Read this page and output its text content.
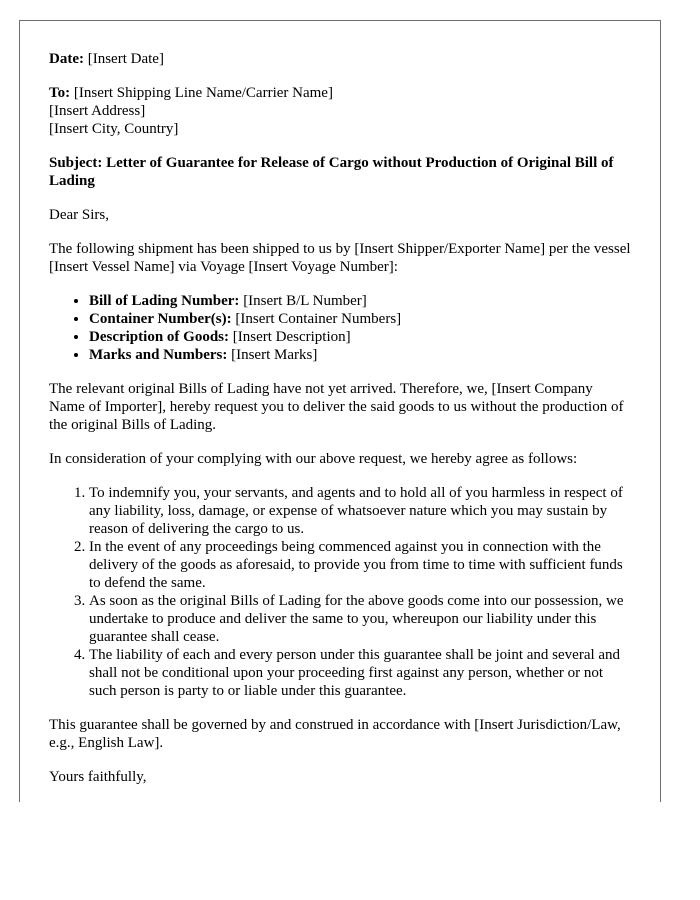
Date: [Insert Date]

To: [Insert Shipping Line Name/Carrier Name]
[Insert Address]
[Insert City, Country]

Subject: Letter of Guarantee for Release of Cargo without Production of Original Bill of Lading

Dear Sirs,

The following shipment has been shipped to us by [Insert Shipper/Exporter Name] per the vessel [Insert Vessel Name] via Voyage [Insert Voyage Number]:

• Bill of Lading Number: [Insert B/L Number]
• Container Number(s): [Insert Container Numbers]
• Description of Goods: [Insert Description]
• Marks and Numbers: [Insert Marks]

The relevant original Bills of Lading have not yet arrived. Therefore, we, [Insert Company Name of Importer], hereby request you to deliver the said goods to us without the production of the original Bills of Lading.

In consideration of your complying with our above request, we hereby agree as follows:

1. To indemnify you, your servants, and agents and to hold all of you harmless in respect of any liability, loss, damage, or expense of whatsoever nature which you may sustain by reason of delivering the cargo to us.
2. In the event of any proceedings being commenced against you in connection with the delivery of the goods as aforesaid, to provide you from time to time with sufficient funds to defend the same.
3. As soon as the original Bills of Lading for the above goods come into our possession, we undertake to produce and deliver the same to you, whereupon our liability under this guarantee shall cease.
4. The liability of each and every person under this guarantee shall be joint and several and shall not be conditional upon your proceeding first against any person, whether or not such person is party to or liable under this guarantee.

This guarantee shall be governed by and construed in accordance with [Insert Jurisdiction/Law, e.g., English Law].

Yours faithfully,
